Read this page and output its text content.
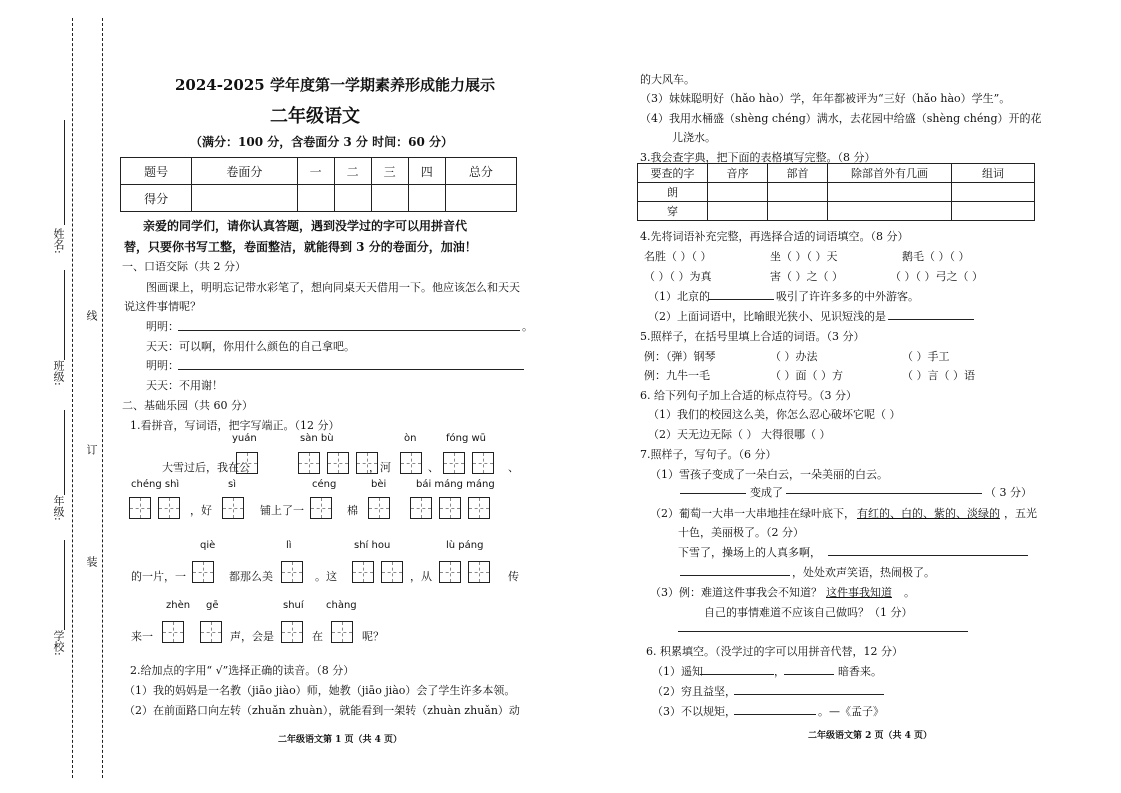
姓名:
班级:
年级:
学校:
线
订
装
2024-2025 学年度第一学期素养形成能力展示
二年级语文
（满分：100 分，含卷面分 3 分 时间：60 分）
题号	卷面分	一	二	三	四	总分
得分						
亲爱的同学们，请你认真答题，遇到没学过的字可以用拼音代
替，只要你书写工整，卷面整洁，就能得到 3 分的卷面分，加油！
一、口语交际（共 2 分）
图画课上，明明忘记带水彩笔了，想向同桌天天借用一下。他应该怎么和天天
说这件事情呢？
明明：	。
天天：可以啊，你用什么颜色的自己拿吧。
明明：
天天：不用谢！
二、基础乐园（共 60 分）
1.看拼音，写词语，把字写端正。（12 分）
yuán	sàn bù	òn	fóng wū
大雪过后，我在公	，河	、	、
chéng shì	sì	céng	bèi	bái máng máng
，好	铺上了一	棉
qiè	lì	shí hou	lù páng
的一片，一	都那么美	。这	，从	传
zhèn gē	shuí chàng
来一	声，会是	在	呢？
2.给加点的字用“ √”选择正确的读音。（8 分）
（1）我的妈妈是一名教（jiāo jiào）师，她教（jiāo jiào）会了学生许多本领。
（2）在前面路口向左转（zhuǎn zhuàn），就能看到一架转（zhuàn zhuǎn）动
二年级语文第 1 页（共 4 页）
的大风车。
（3）妹妹聪明好（hǎo hào）学，年年都被评为“三好（hǎo hào）学生”。
（4）我用水桶盛（shèng chéng）满水，去花园中给盛（shèng chéng）开的花
儿浇水。
3.我会查字典，把下面的表格填写完整。（8 分）
要查的字	音序	部首	除部首外有几画	组词
朗				
穿				
4.先将词语补充完整，再选择合适的词语填空。（8 分）
名胜（ ）（ ）	坐（ ）（ ）天	鹅毛（ ）（ ）
（ ）（ ）为真	害（ ）之（ ）	（ ）（ ）弓之（ ）
（1）北京的	吸引了许许多多的中外游客。
（2）上面词语中，比喻眼光狭小、见识短浅的是
5.照样子，在括号里填上合适的词语。（3 分）
例：（弹）钢琴	（ ）办法	（ ）手工
例：九牛一毛	（ ）面（ ）方	（ ）言（ ）语
6. 给下列句子加上合适的标点符号。（3 分）
（1）我们的校园这么美，你怎么忍心破坏它呢（ ）
（2）天无边无际（ ） 大得很哪（ ）
7.照样子，写句子。（6 分）
（1）雪孩子变成了一朵白云，一朵美丽的白云。
变成了	（ 3 分）
（2）葡萄一大串一大串地挂在绿叶底下， 有红的、白的、紫的、淡绿的 ，五光
十色，美丽极了。（2 分）
下雪了，操场上的人真多啊，
，处处欢声笑语，热闹极了。
（3）例：难道这件事我会不知道？ 这件事我知道 。
自己的事情难道不应该自己做吗？（1 分）
6. 积累填空。（没学过的字可以用拼音代替，12 分）
（1）遥知	，	暗香来。
（2）穷且益坚，
（3）不以规矩，	。—《孟子》
二年级语文第 2 页（共 4 页）
